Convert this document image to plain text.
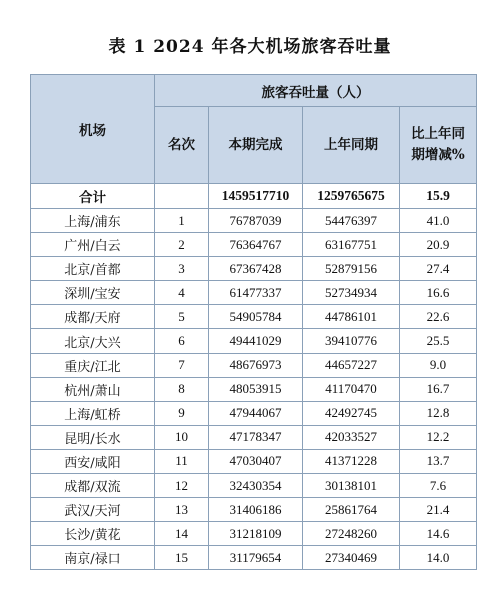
表 1 2024 年各大机场旅客吞吐量
机场	旅客吞吐量（人）			
	名次	本期完成	上年同期	比上年同期增减%
合计		1459517710	1259765675	15.9
上海/浦东	1	76787039	54476397	41.0
广州/白云	2	76364767	63167751	20.9
北京/首都	3	67367428	52879156	27.4
深圳/宝安	4	61477337	52734934	16.6
成都/天府	5	54905784	44786101	22.6
北京/大兴	6	49441029	39410776	25.5
重庆/江北	7	48676973	44657227	9.0
杭州/萧山	8	48053915	41170470	16.7
上海/虹桥	9	47944067	42492745	12.8
昆明/长水	10	47178347	42033527	12.2
西安/咸阳	11	47030407	41371228	13.7
成都/双流	12	32430354	30138101	7.6
武汉/天河	13	31406186	25861764	21.4
长沙/黄花	14	31218109	27248260	14.6
南京/禄口	15	31179654	27340469	14.0
